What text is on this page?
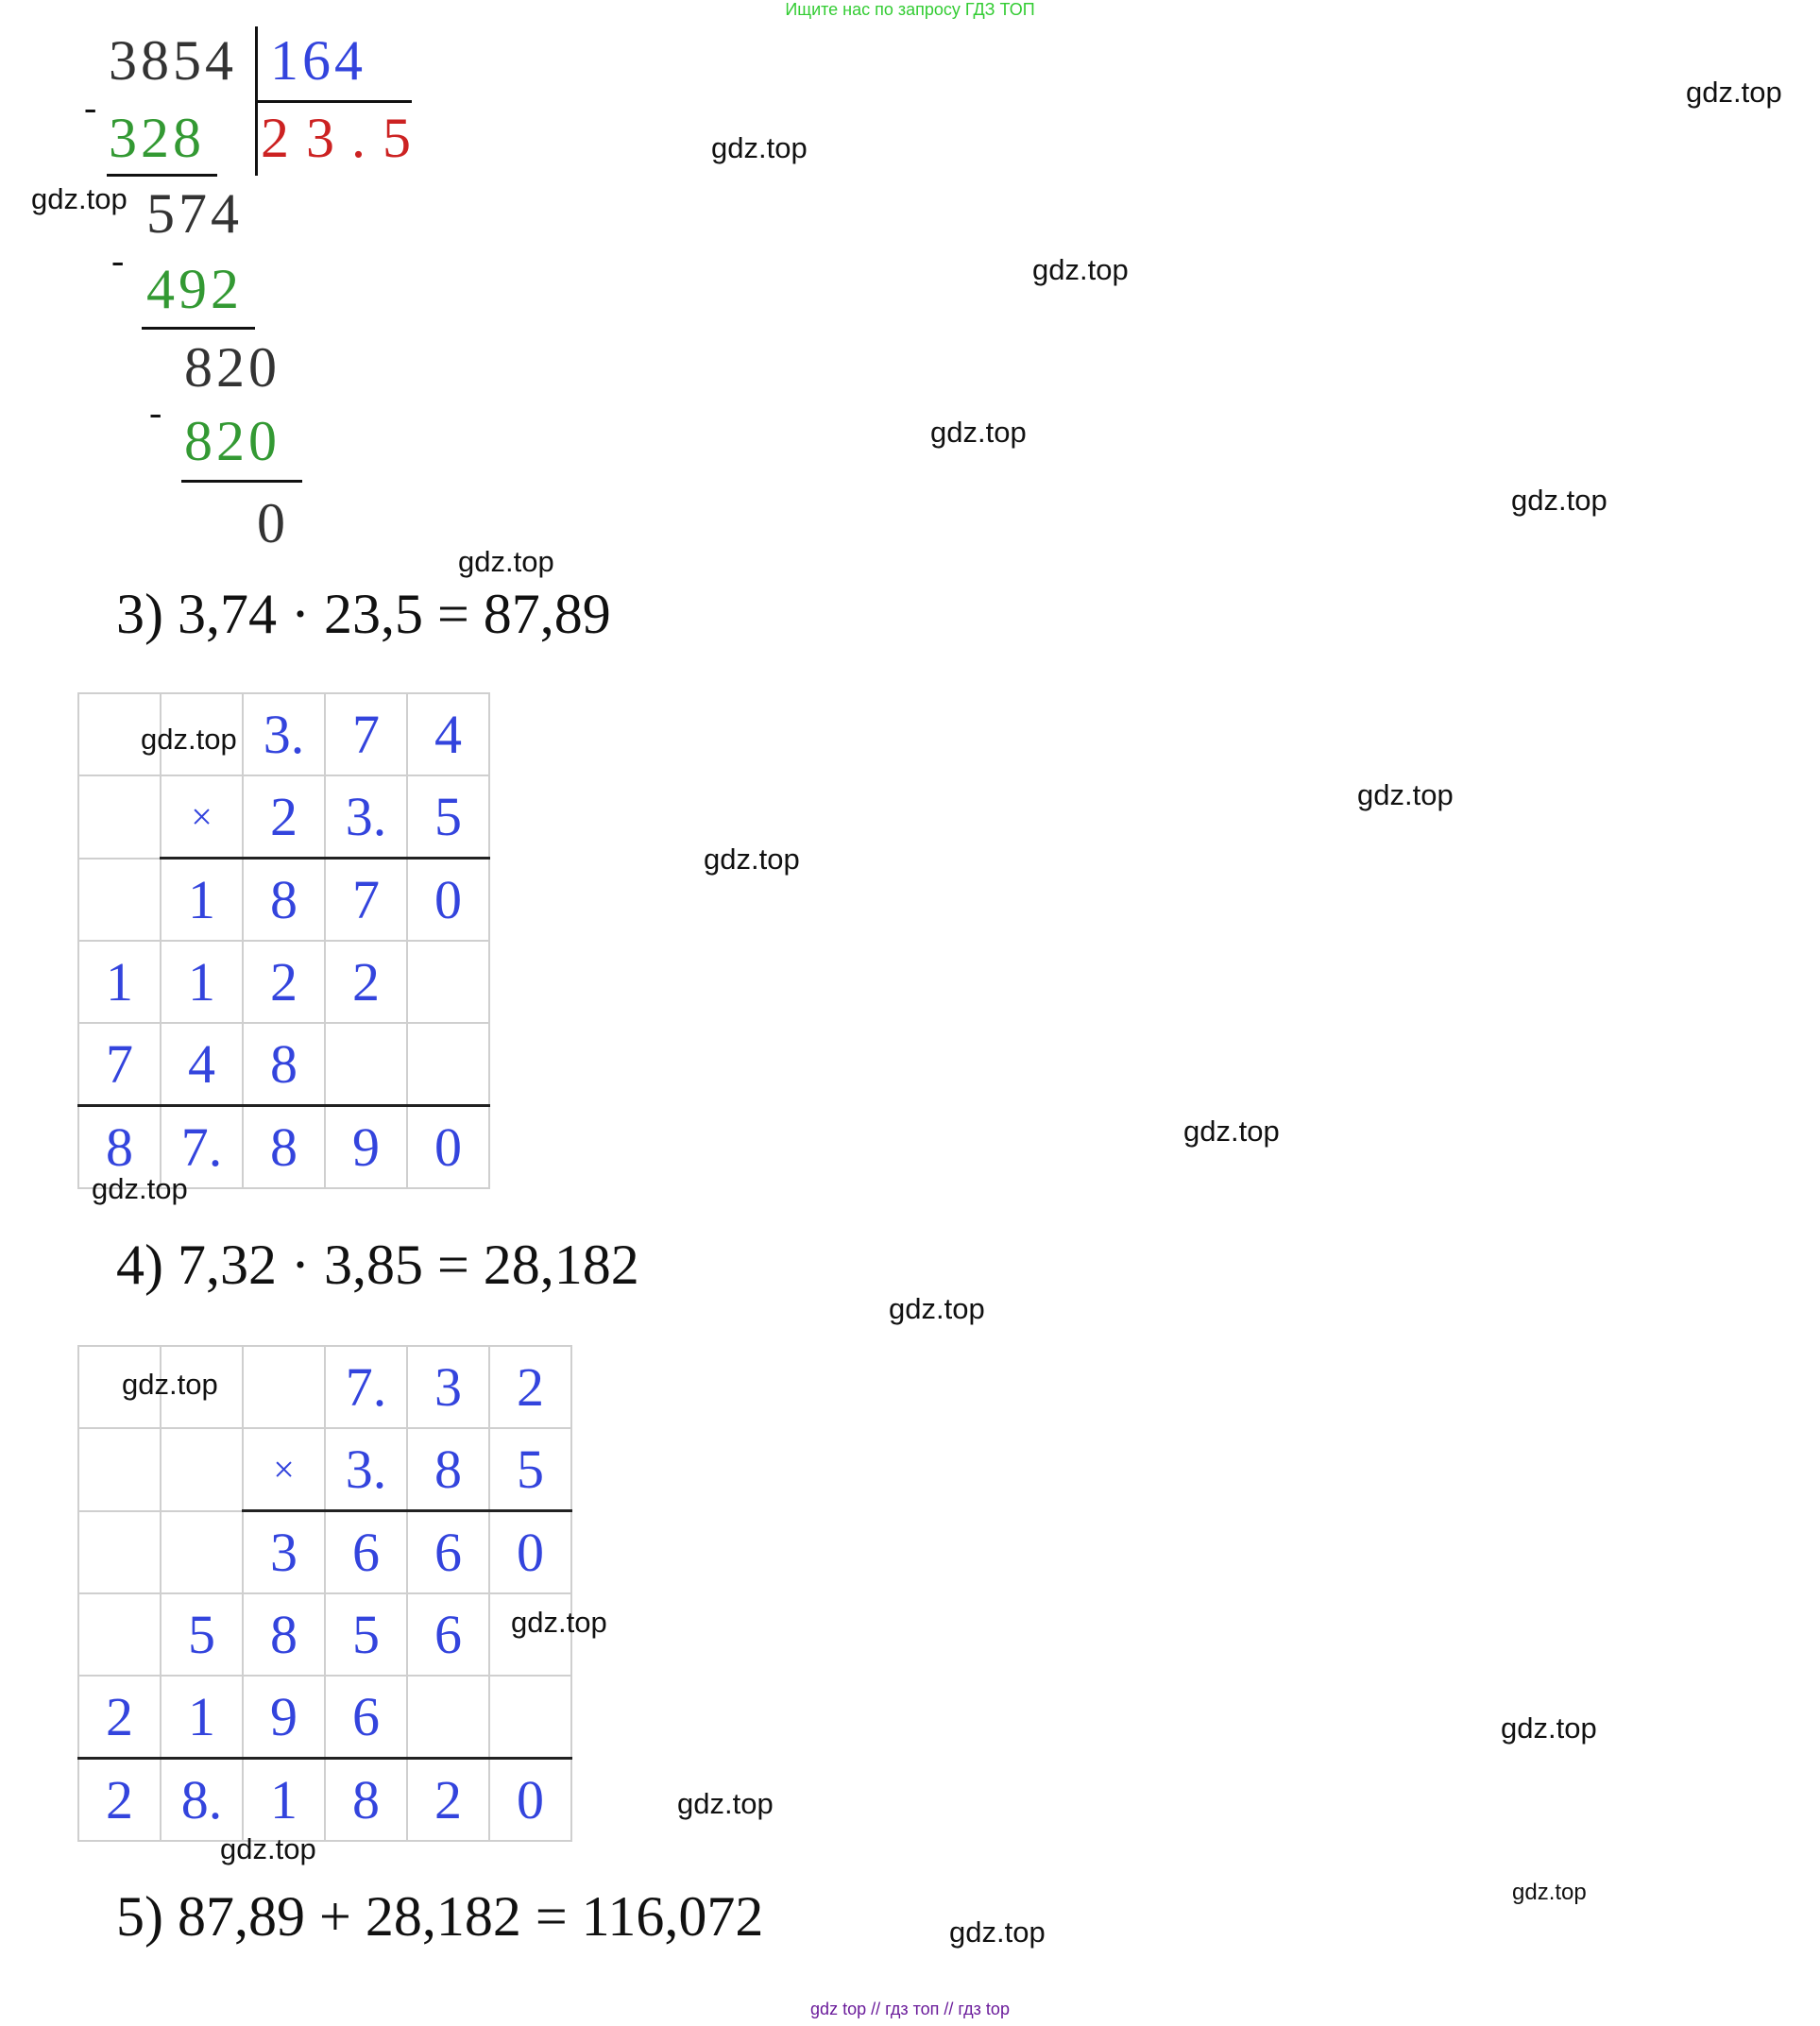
Ищите нас по запросу ГДЗ ТОП
3854 164
23.5
- 328
574
- 492
820
- 820
0
3) 3,74 · 23,5 = 87,89
		3.	7	4
	×	2	3.	5
	1	8	7	0
1	1	2	2	
7	4	8		
8	7.	8	9	0
4) 7,32 · 3,85 = 28,182
			7.	3	2
		×	3.	8	5
		3	6	6	0
	5	8	5	6	
2	1	9	6		
2	8.	1	8	2	0
5) 87,89 + 28,182 = 116,072
gdz.top
gdz.top
gdz.top
gdz.top
gdz.top
gdz.top
gdz.top
gdz.top
gdz.top
gdz.top
gdz.top
gdz.top
gdz.top
gdz.top
gdz.top
gdz.top
gdz.top
gdz.top
gdz.top
gdz.top
gdz top // гдз топ // гдз top
